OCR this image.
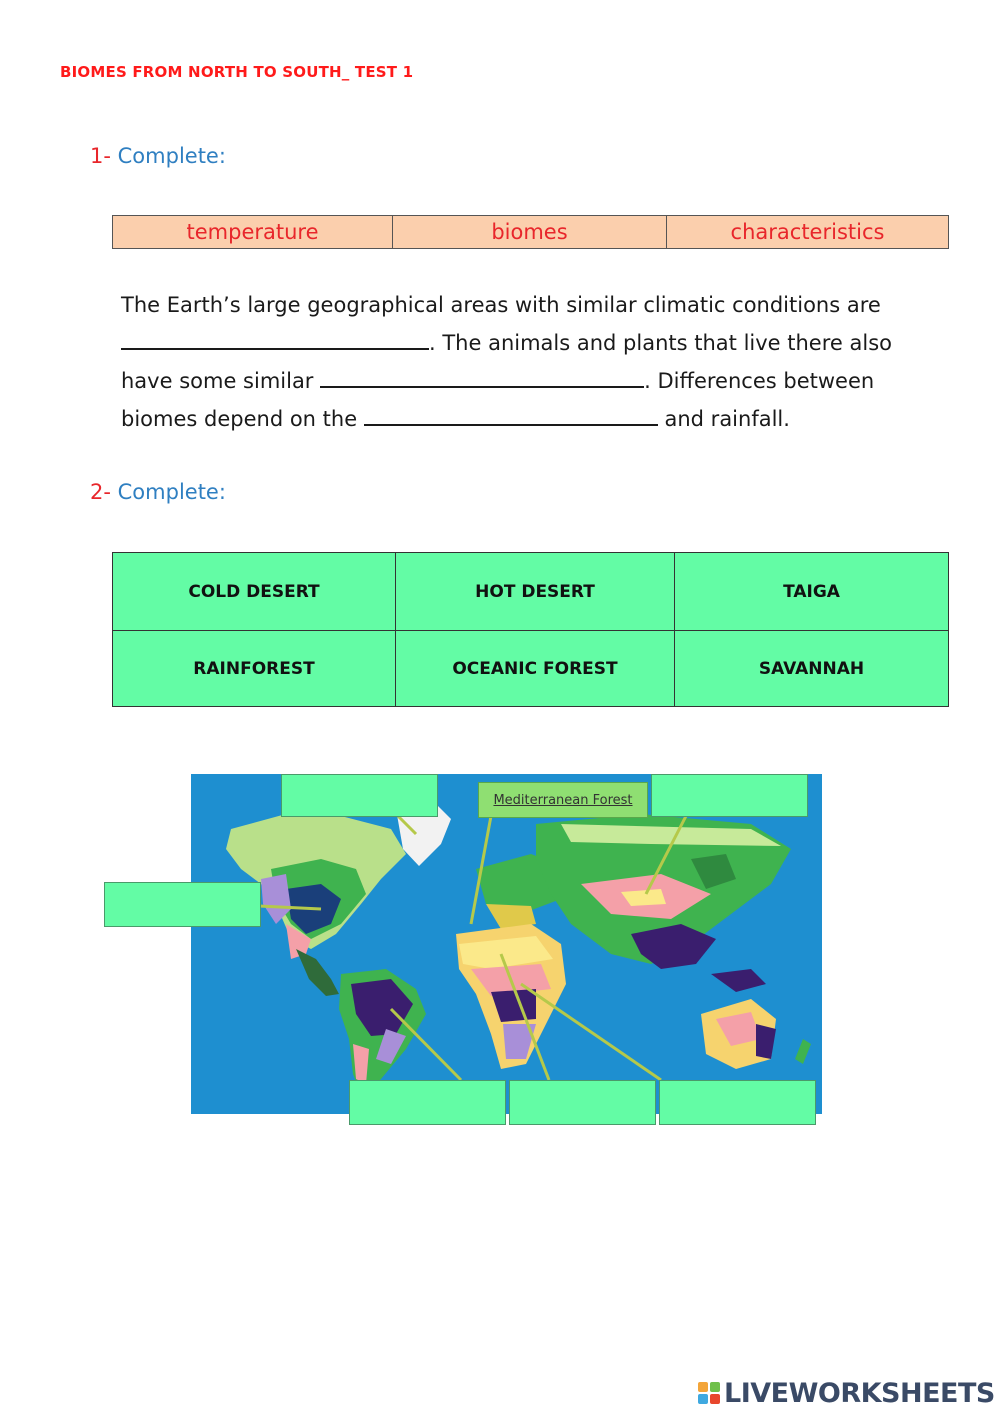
BIOMES FROM NORTH TO SOUTH_ TEST 1
1- Complete:
temperature	biomes	characteristics
The Earth’s large geographical areas with similar climatic conditions are
. The animals and plants that live there also
have some similar	. Differences between
biomes depend on the	and rainfall.
2- Complete:
COLD DESERT	HOT DESERT	TAIGA
RAINFOREST	OCEANIC FOREST	SAVANNAH
Mediterranean Forest
LIVEWORKSHEETS
